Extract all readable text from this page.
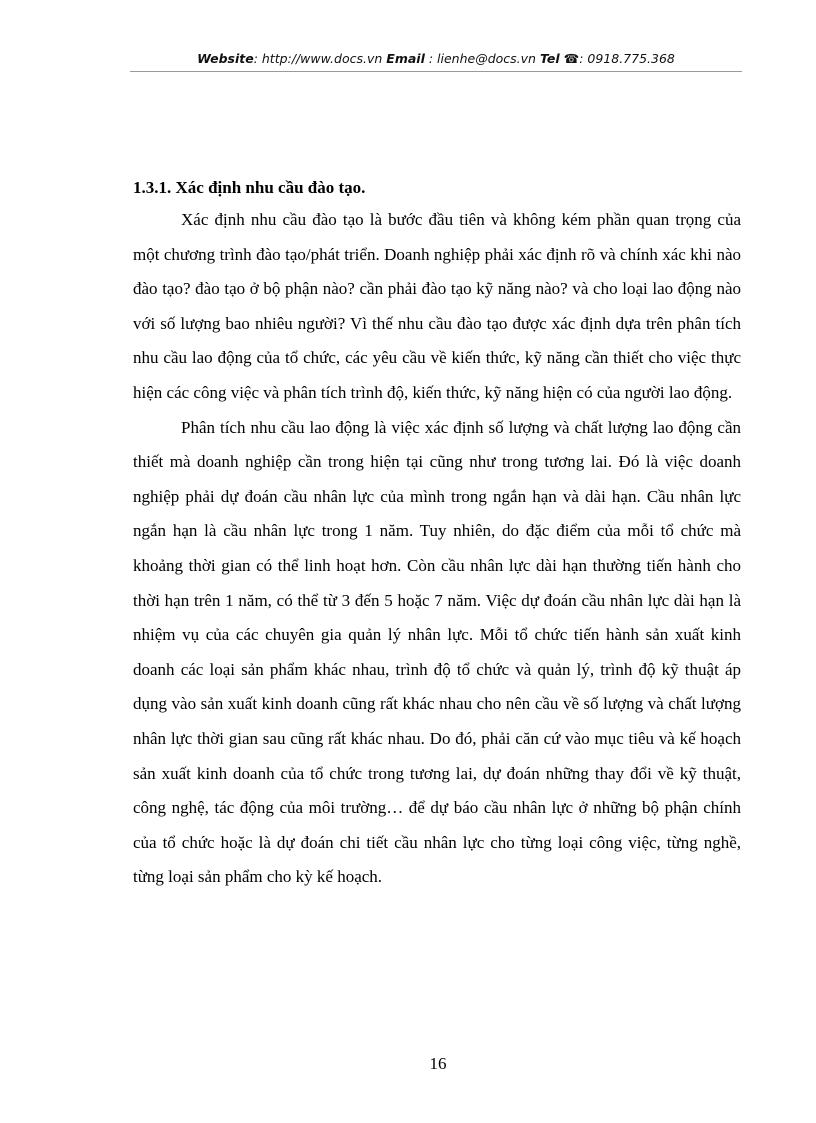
Website: http://www.docs.vn Email : lienhe@docs.vn Tel ☎: 0918.775.368
1.3.1. Xác định nhu cầu đào tạo.

Xác định nhu cầu đào tạo là bước đầu tiên và không kém phần quan trọng của một chương trình đào tạo/phát triển. Doanh nghiệp phải xác định rõ và chính xác khi nào đào tạo? đào tạo ở bộ phận nào? cần phải đào tạo kỹ năng nào? và cho loại lao động nào với số lượng bao nhiêu người? Vì thế nhu cầu đào tạo được xác định dựa trên phân tích nhu cầu lao động của tổ chức, các yêu cầu về kiến thức, kỹ năng cần thiết cho việc thực hiện các công việc và phân tích trình độ, kiến thức, kỹ năng hiện có của người lao động.

Phân tích nhu cầu lao động là việc xác định số lượng và chất lượng lao động cần thiết mà doanh nghiệp cần trong hiện tại cũng như trong tương lai. Đó là việc doanh nghiệp phải dự đoán cầu nhân lực của mình trong ngắn hạn và dài hạn. Cầu nhân lực ngắn hạn là cầu nhân lực trong 1 năm. Tuy nhiên, do đặc điểm của mỗi tổ chức mà khoảng thời gian có thể linh hoạt hơn. Còn cầu nhân lực dài hạn thường tiến hành cho thời hạn trên 1 năm, có thể từ 3 đến 5 hoặc 7 năm. Việc dự đoán cầu nhân lực dài hạn là nhiệm vụ của các chuyên gia quản lý nhân lực. Mỗi tổ chức tiến hành sản xuất kinh doanh các loại sản phẩm khác nhau, trình độ tổ chức và quản lý, trình độ kỹ thuật áp dụng vào sản xuất kinh doanh cũng rất khác nhau cho nên cầu về số lượng và chất lượng nhân lực thời gian sau cũng rất khác nhau. Do đó, phải căn cứ vào mục tiêu và kế hoạch sản xuất kinh doanh của tổ chức trong tương lai, dự đoán những thay đổi về kỹ thuật, công nghệ, tác động của môi trường… để dự báo cầu nhân lực ở những bộ phận chính của tổ chức hoặc là dự đoán chi tiết cầu nhân lực cho từng loại công việc, từng nghề, từng loại sản phẩm cho kỳ kế hoạch.

16
